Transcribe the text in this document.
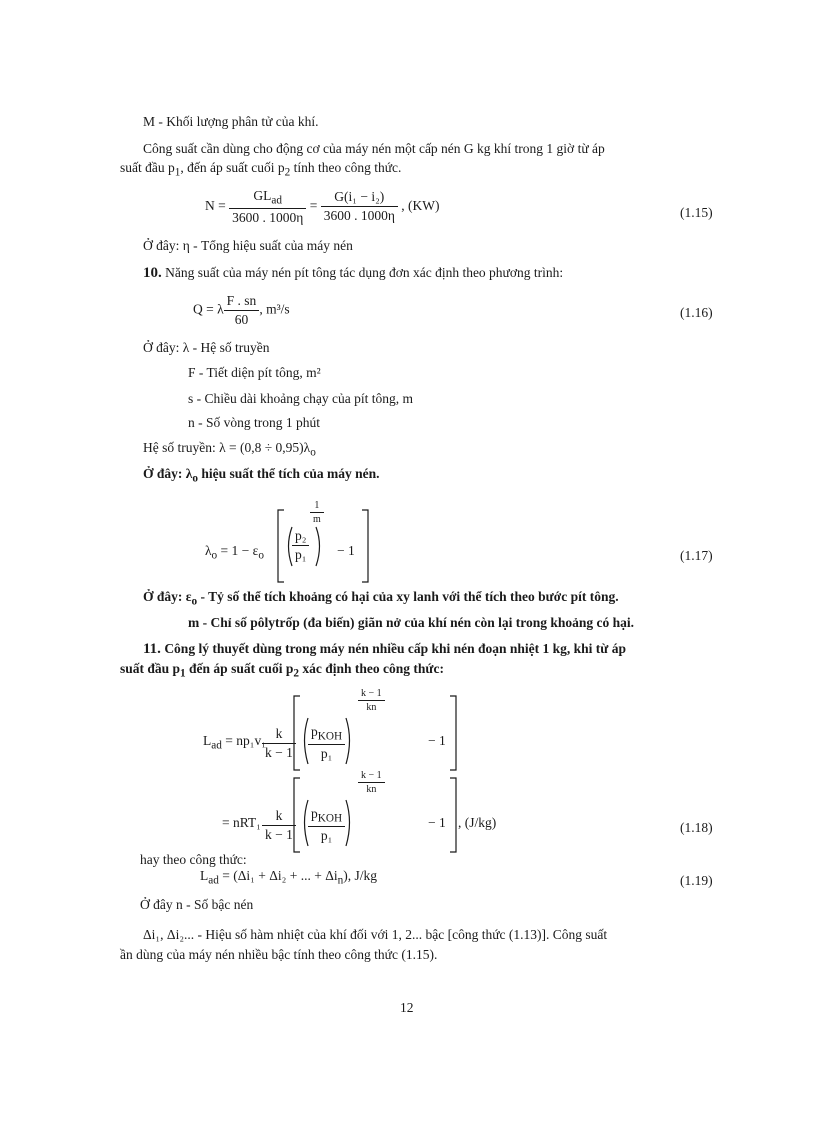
M - Khối lượng phân tử của khí.
Công suất cần dùng cho động cơ của máy nén một cấp nén G kg khí trong 1 giờ từ áp
suất đầu $p_1$, đến áp suất cuối $p_2$ tính theo công thức.
$N = \frac{GL_{ad}}{3600 . 1000\eta} = \frac{\text{G(i₁ − i₂)}}{3600 . 1000\eta}$ , (KW)	(1.15)
Ở đây: η - Tổng hiệu suất của máy nén
10. Năng suất của máy nén pít tông tác dụng đơn xác định theo phương trình:
Q = λ $\frac{F . sn}{60}$ , m³/s	(1.16)
Ở đây: λ - Hệ số truyền
F - Tiết diện pít tông, m²
s - Chiều dài khoảng chạy của pít tông, m
n - Số vòng trong 1 phút
Hệ số truyền: $\lambda = (0,8 \div 0,95)\lambda_o$
Ở đây: $\lambda_o$ hiệu suất thể tích của máy nén.
$\lambda_o = 1 - \varepsilon_o \frac{\text{p₂}}{\text{p₁}}$
$\frac{1}{m}$
− 1	(1.17)
Ở đây: $\varepsilon_o$ - Tỷ số thể tích khoảng có hại của xy lanh với thể tích theo bước pít tông.
m - Chỉ số pôlytrốp (đa biến) giãn nở của khí nén còn lại trong khoảng có hại.
11. Công lý thuyết dùng trong máy nén nhiều cấp khi nén đoạn nhiệt 1 kg, khi từ áp
suất đầu $p_1$ đến áp suất cuối $p_2$ xác định theo công thức:
$L_{ad} = np_1v_1$
$\frac{k}{k - 1} \frac{p_{KOH}}{\text{p₁}}$
$\frac{k - 1}{kn}$
− 1
= $nRT_1 \frac{k}{k - 1} \frac{p_{KOH}}{\text{p₁}}$
$\frac{k - 1}{kn}$
− 1 , (J/kg)	(1.18)
hay theo công thức:
$L_{ad} = (\Delta i_1 + \Delta i_2$ + ... + $\Delta i_n$), J/kg	(1.19)
Ở đây n - Số bậc nén
Δi₁, Δi₂... - Hiệu số hàm nhiệt của khí đối với 1, 2... bậc [công thức (1.13)]. Công suất
ần dùng của máy nén nhiều bậc tính theo công thức (1.15).
12
